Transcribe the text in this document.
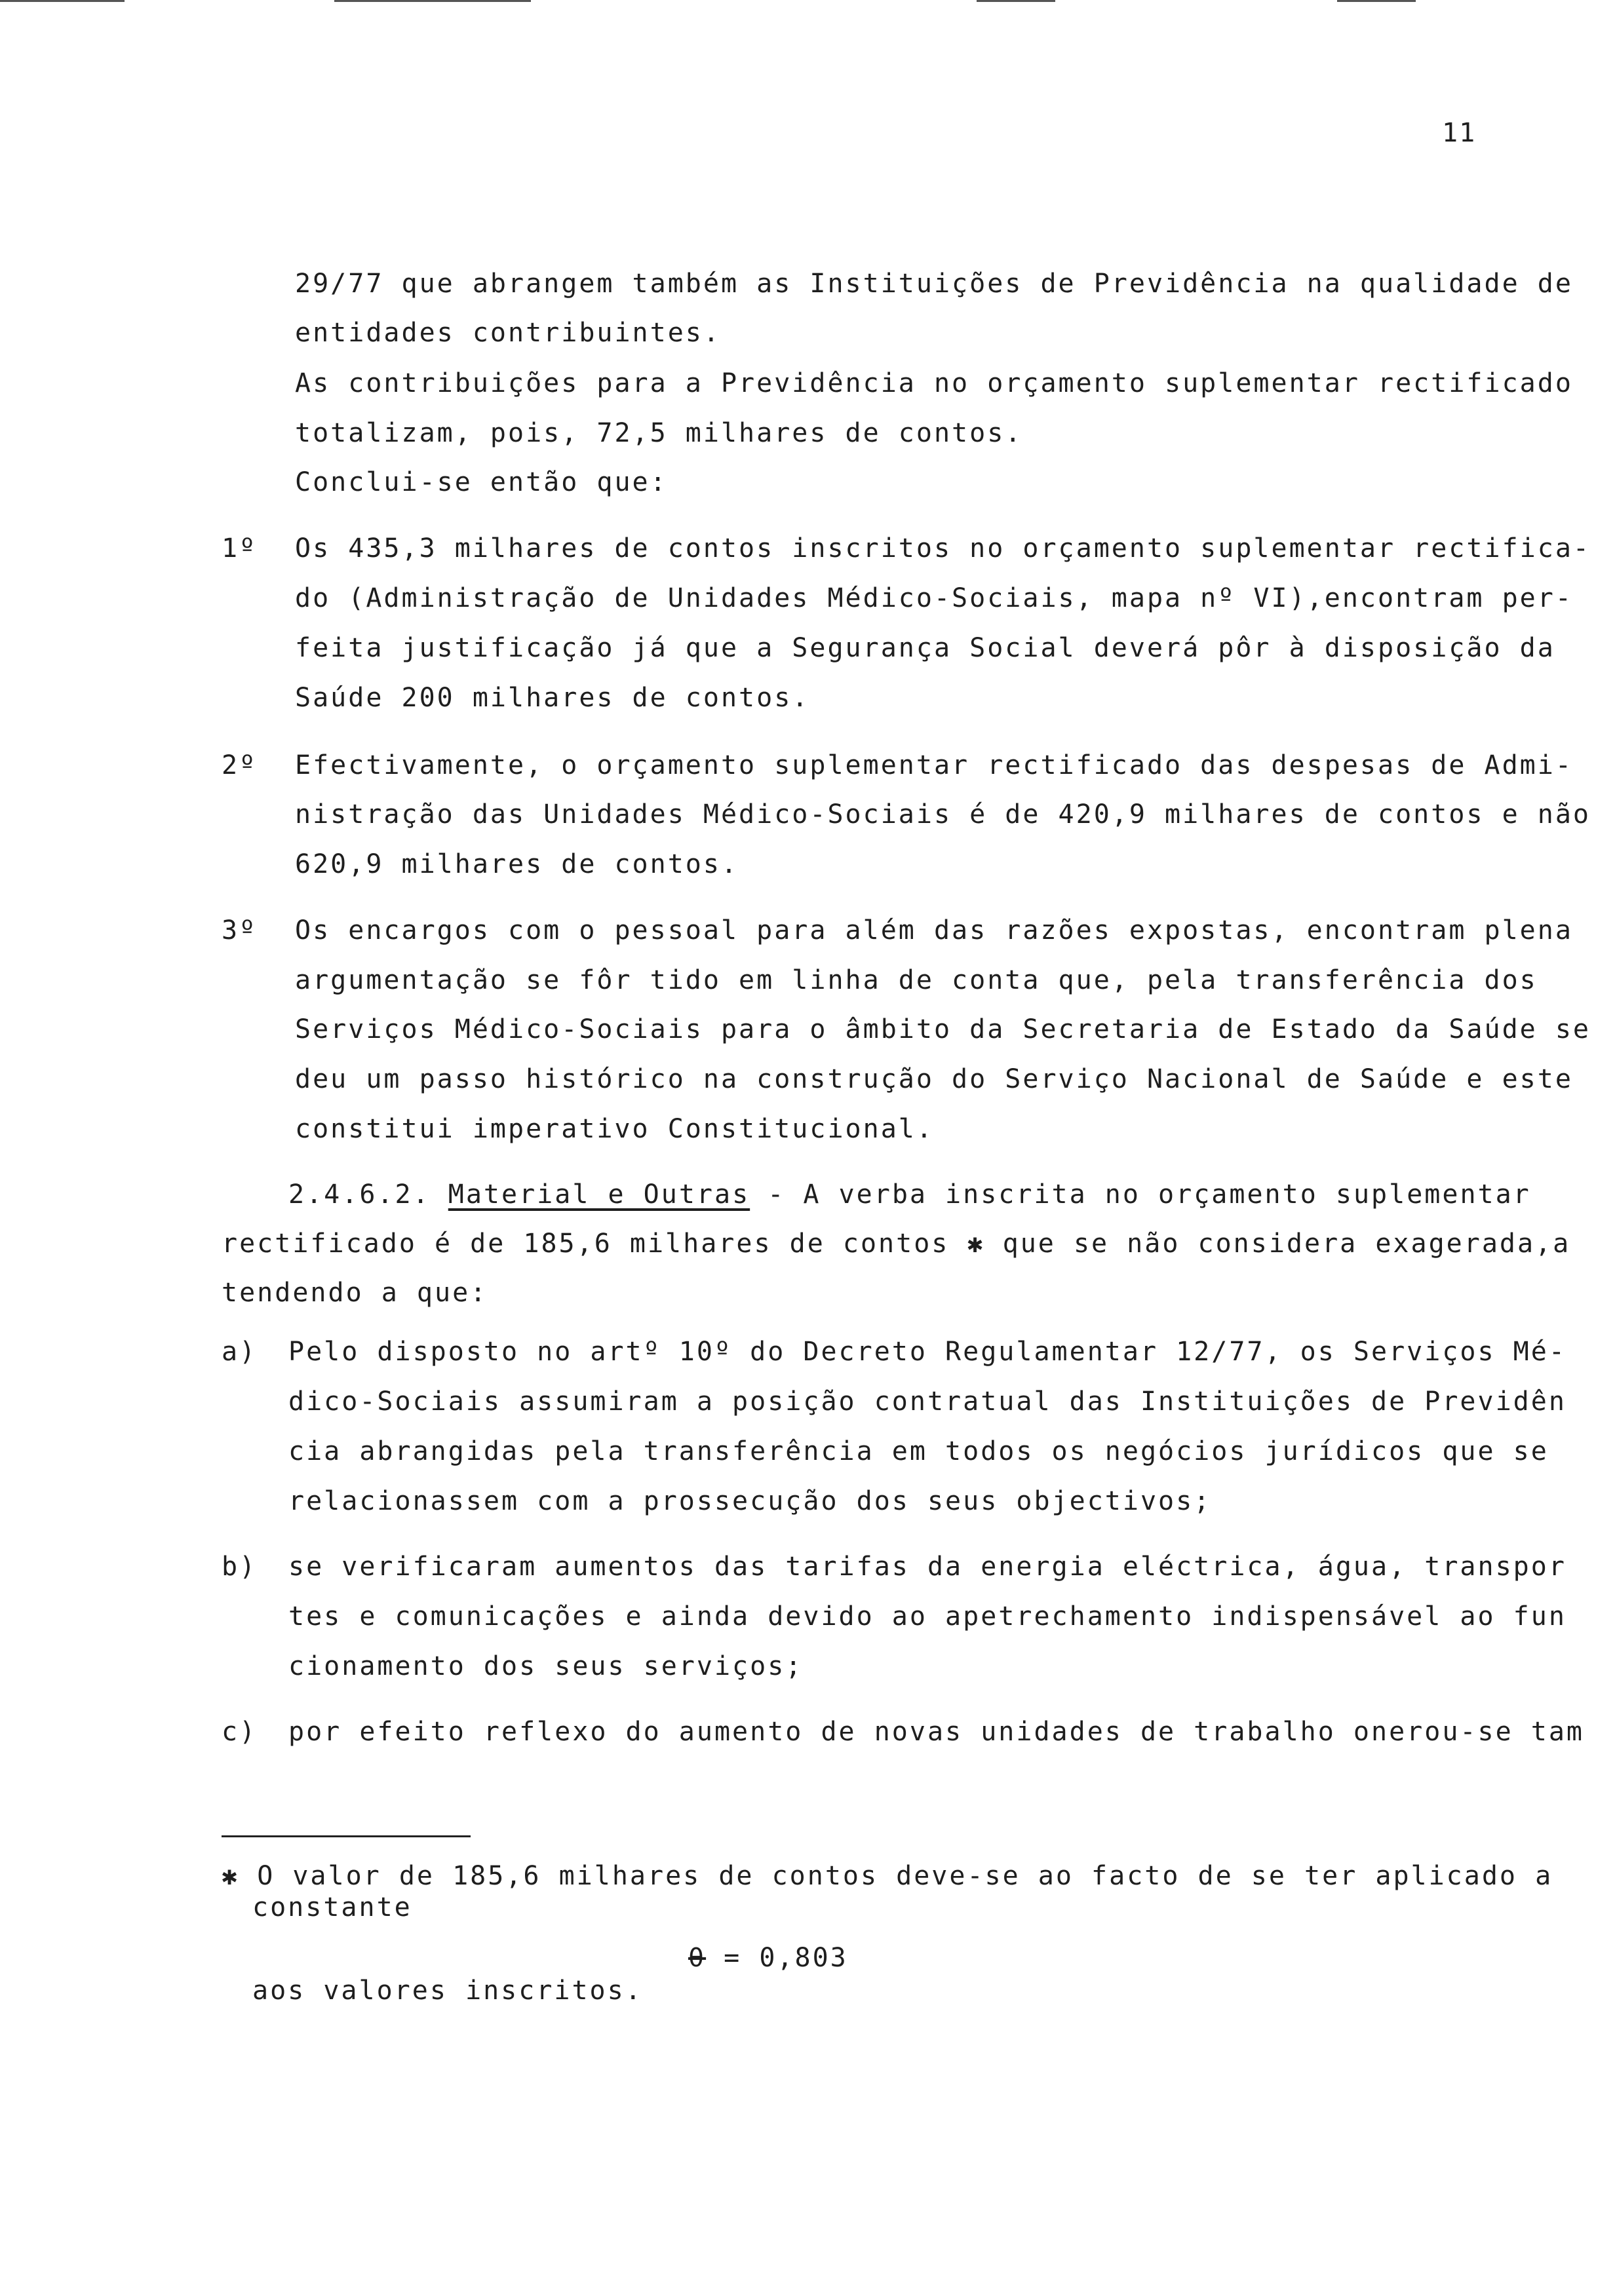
11
29/77 que abrangem também as Instituições de Previdência na qualidade de
entidades contribuintes.
As contribuições para a Previdência no orçamento suplementar rectificado
totalizam, pois, 72,5 milhares de contos.
Conclui-se então que:
1º Os 435,3 milhares de contos inscritos no orçamento suplementar rectifica-
do (Administração de Unidades Médico-Sociais, mapa nº VI),encontram per-
feita justificação já que a Segurança Social deverá pôr à disposição da
Saúde 200 milhares de contos.
2º Efectivamente, o orçamento suplementar rectificado das despesas de Admi-
nistração das Unidades Médico-Sociais é de 420,9 milhares de contos e não
620,9 milhares de contos.
3º Os encargos com o pessoal para além das razões expostas, encontram plena
argumentação se fôr tido em linha de conta que, pela transferência dos
Serviços Médico-Sociais para o âmbito da Secretaria de Estado da Saúde se
deu um passo histórico na construção do Serviço Nacional de Saúde e este
constitui imperativo Constitucional.
2.4.6.2. Material e Outras - A verba inscrita no orçamento suplementar
rectificado é de 185,6 milhares de contos ✱ que se não considera exagerada,a
tendendo a que:
a) Pelo disposto no artº 10º do Decreto Regulamentar 12/77, os Serviços Mé-
dico-Sociais assumiram a posição contratual das Instituições de Previdên
cia abrangidas pela transferência em todos os negócios jurídicos que se
relacionassem com a prossecução dos seus objectivos;
b) se verificaram aumentos das tarifas da energia eléctrica, água, transpor
tes e comunicações e ainda devido ao apetrechamento indispensável ao fun
cionamento dos seus serviços;
c) por efeito reflexo do aumento de novas unidades de trabalho onerou-se tam
✱ O valor de 185,6 milhares de contos deve-se ao facto de se ter aplicado a
constante
θ = 0,803
aos valores inscritos.
